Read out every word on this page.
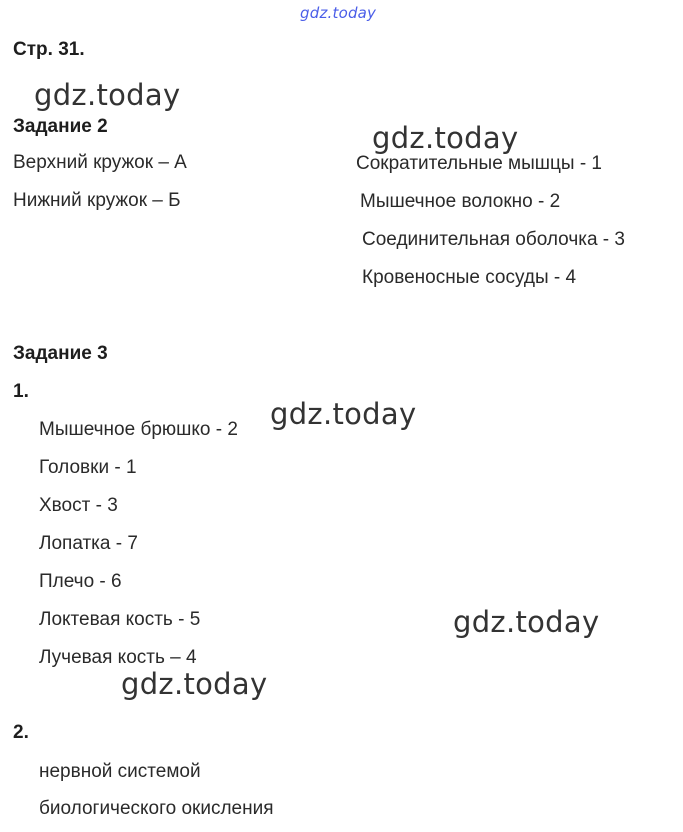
gdz.today
Стр. 31.
Задание 2
Верхний кружок – А
Нижний кружок – Б
Сократительные мышцы - 1
Мышечное волокно - 2
Соединительная оболочка - 3
Кровеносные сосуды - 4
Задание 3
1.
Мышечное брюшко - 2
Головки - 1
Хвост - 3
Лопатка - 7
Плечо - 6
Локтевая кость - 5
Лучевая кость – 4
2.
нервной системой
биологического окисления
gdz.today
gdz.today
gdz.today
gdz.today
gdz.today
